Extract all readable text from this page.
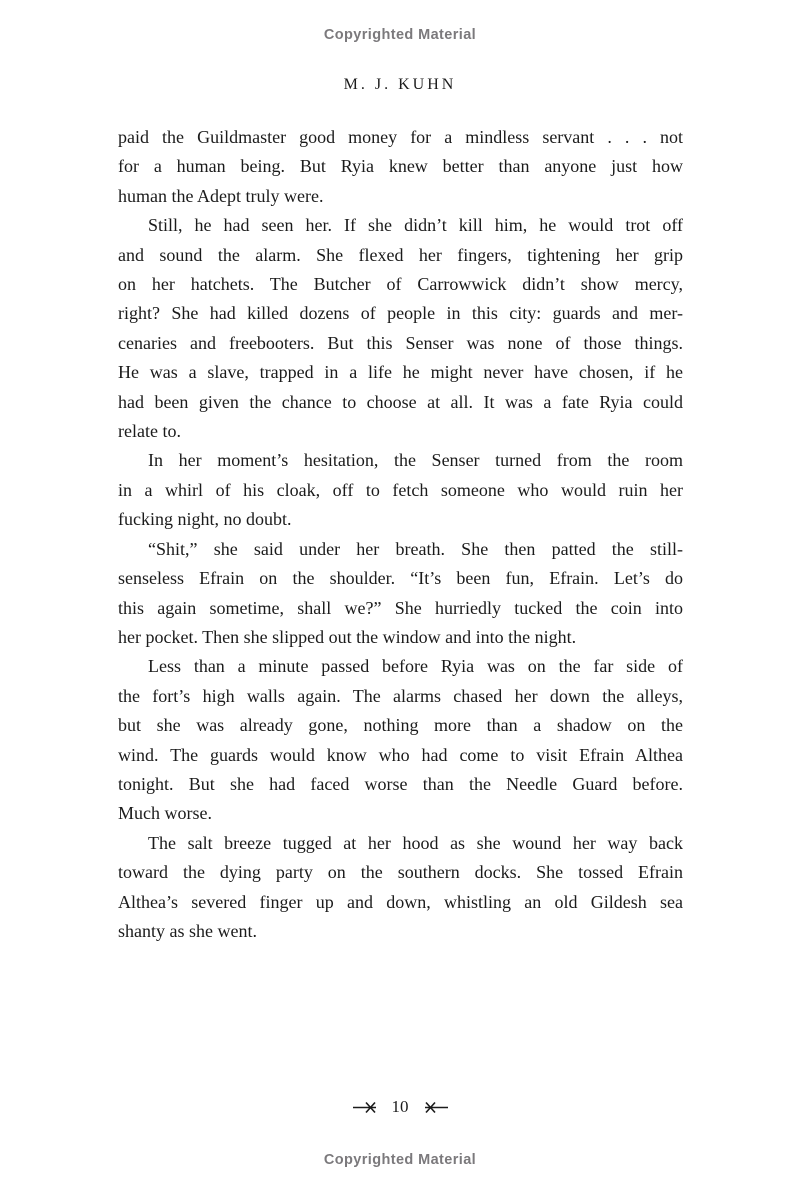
Copyrighted Material
M. J. KUHN
paid the Guildmaster good money for a mindless servant . . . not
for a human being. But Ryia knew better than anyone just how
human the Adept truly were.
Still, he had seen her. If she didn’t kill him, he would trot off
and sound the alarm. She flexed her fingers, tightening her grip
on her hatchets. The Butcher of Carrowwick didn’t show mercy,
right? She had killed dozens of people in this city: guards and mer-
cenaries and freebooters. But this Senser was none of those things.
He was a slave, trapped in a life he might never have chosen, if he
had been given the chance to choose at all. It was a fate Ryia could
relate to.
In her moment’s hesitation, the Senser turned from the room
in a whirl of his cloak, off to fetch someone who would ruin her
fucking night, no doubt.
“Shit,” she said under her breath. She then patted the still-
senseless Efrain on the shoulder. “It’s been fun, Efrain. Let’s do
this again sometime, shall we?” She hurriedly tucked the coin into
her pocket. Then she slipped out the window and into the night.
Less than a minute passed before Ryia was on the far side of
the fort’s high walls again. The alarms chased her down the alleys,
but she was already gone, nothing more than a shadow on the
wind. The guards would know who had come to visit Efrain Althea
tonight. But she had faced worse than the Needle Guard before.
Much worse.
The salt breeze tugged at her hood as she wound her way back
toward the dying party on the southern docks. She tossed Efrain
Althea’s severed finger up and down, whistling an old Gildesh sea
shanty as she went.
10
Copyrighted Material
